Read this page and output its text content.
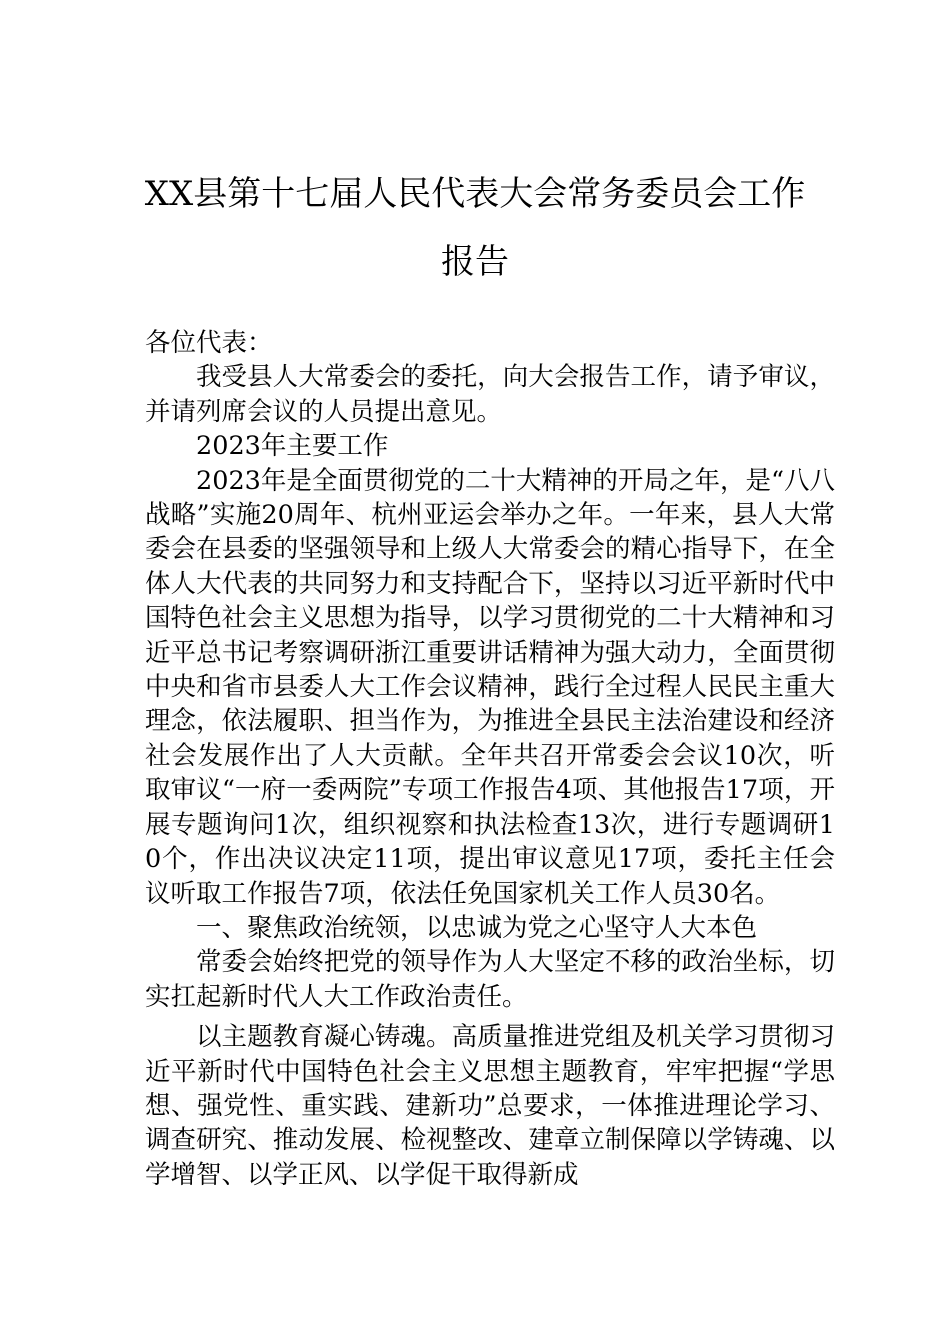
XX县第十七届人民代表大会常务委员会工作报告

各位代表：

我受县人大常委会的委托，向大会报告工作，请予审议，并请列席会议的人员提出意见。

2023年主要工作

2023年是全面贯彻党的二十大精神的开局之年，是“八八战略”实施20周年、杭州亚运会举办之年。一年来，县人大常委会在县委的坚强领导和上级人大常委会的精心指导下，在全体人大代表的共同努力和支持配合下，坚持以习近平新时代中国特色社会主义思想为指导，以学习贯彻党的二十大精神和习近平总书记考察调研浙江重要讲话精神为强大动力，全面贯彻中央和省市县委人大工作会议精神，践行全过程人民民主重大理念，依法履职、担当作为，为推进全县民主法治建设和经济社会发展作出了人大贡献。全年共召开常委会会议10次，听取审议“一府一委两院”专项工作报告4项、其他报告17项，开展专题询问1次，组织视察和执法检查13次，进行专题调研10个，作出决议决定11项，提出审议意见17项，委托主任会议听取工作报告7项，依法任免国家机关工作人员30名。

一、聚焦政治统领，以忠诚为党之心坚守人大本色

常委会始终把党的领导作为人大坚定不移的政治坐标，切实扛起新时代人大工作政治责任。

以主题教育凝心铸魂。高质量推进党组及机关学习贯彻习近平新时代中国特色社会主义思想主题教育，牢牢把握“学思想、强党性、重实践、建新功”总要求，一体推进理论学习、调查研究、推动发展、检视整改、建章立制保障以学铸魂、以学增智、以学正风、以学促干取得新成
